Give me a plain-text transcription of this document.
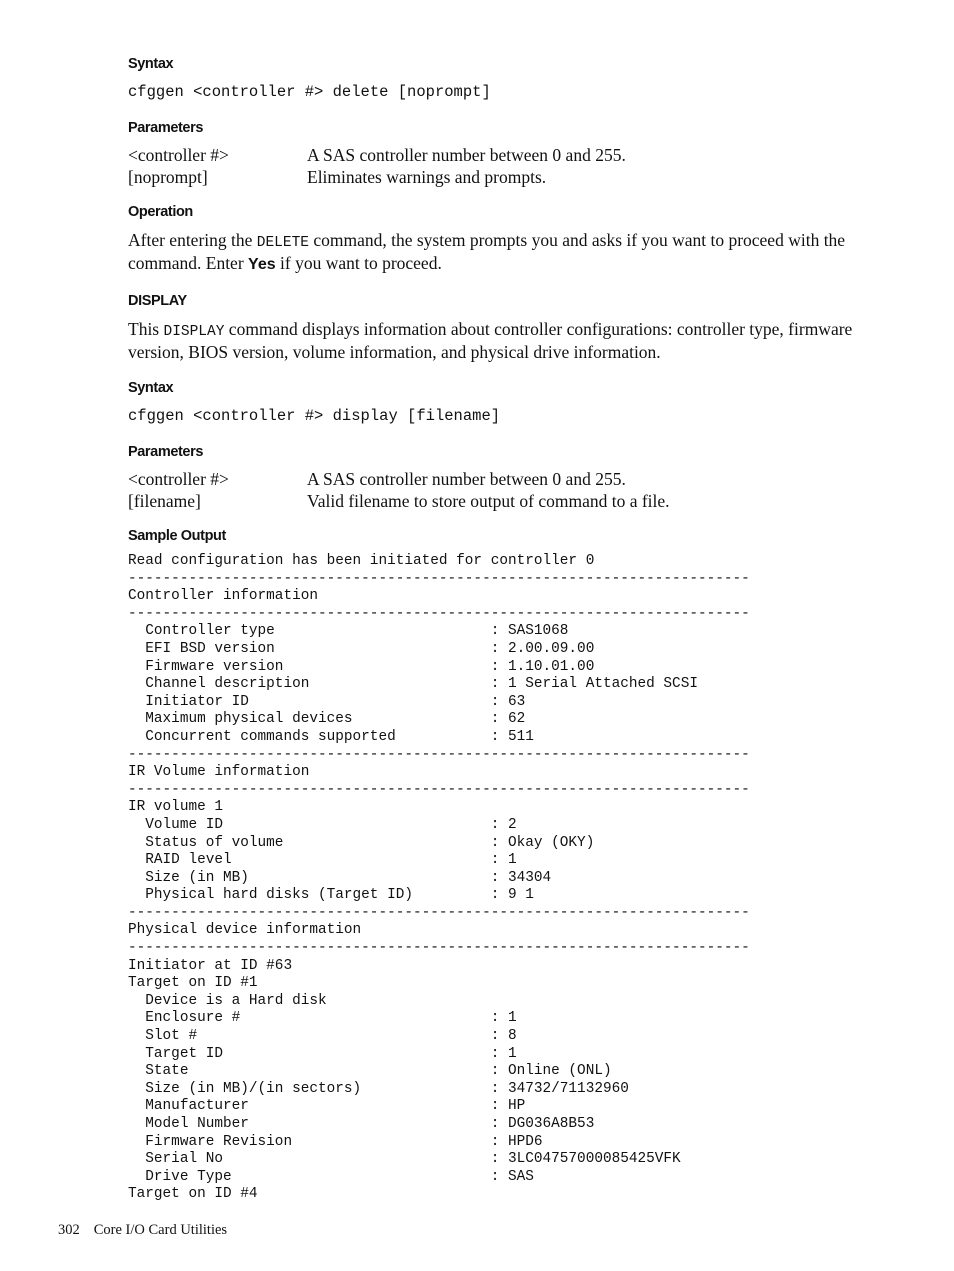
Syntax

cfggen <controller #> delete [noprompt]

Parameters

<controller #>	A SAS controller number between 0 and 255.
[noprompt]	Eliminates warnings and prompts.

Operation

After entering the DELETE command, the system prompts you and asks if you want to proceed with the command. Enter Yes if you want to proceed.

DISPLAY

This DISPLAY command displays information about controller configurations: controller type, firmware version, BIOS version, volume information, and physical drive information.

Syntax

cfggen <controller #> display [filename]

Parameters

<controller #>	A SAS controller number between 0 and 255.
[filename]	Valid filename to store output of command to a file.

Sample Output

Read configuration has been initiated for controller 0
------------------------------------------------------------------------
Controller information
------------------------------------------------------------------------
Controller type                         : SAS1068
EFI BSD version                         : 2.00.09.00
Firmware version                        : 1.10.01.00
Channel description                     : 1 Serial Attached SCSI
Initiator ID                            : 63
Maximum physical devices                : 62
Concurrent commands supported           : 511
------------------------------------------------------------------------
IR Volume information
------------------------------------------------------------------------
IR volume 1
Volume ID                               : 2
Status of volume                        : Okay (OKY)
RAID level                              : 1
Size (in MB)                            : 34304
Physical hard disks (Target ID)         : 9 1
------------------------------------------------------------------------
Physical device information
------------------------------------------------------------------------
Initiator at ID #63
Target on ID #1
Device is a Hard disk
Enclosure #                             : 1
Slot #                                  : 8
Target ID                               : 1
State                                   : Online (ONL)
Size (in MB)/(in sectors)               : 34732/71132960
Manufacturer                            : HP
Model Number                            : DG036A8B53
Firmware Revision                       : HPD6
Serial No                               : 3LC04757000085425VFK
Drive Type                              : SAS
Target on ID #4

302 Core I/O Card Utilities
